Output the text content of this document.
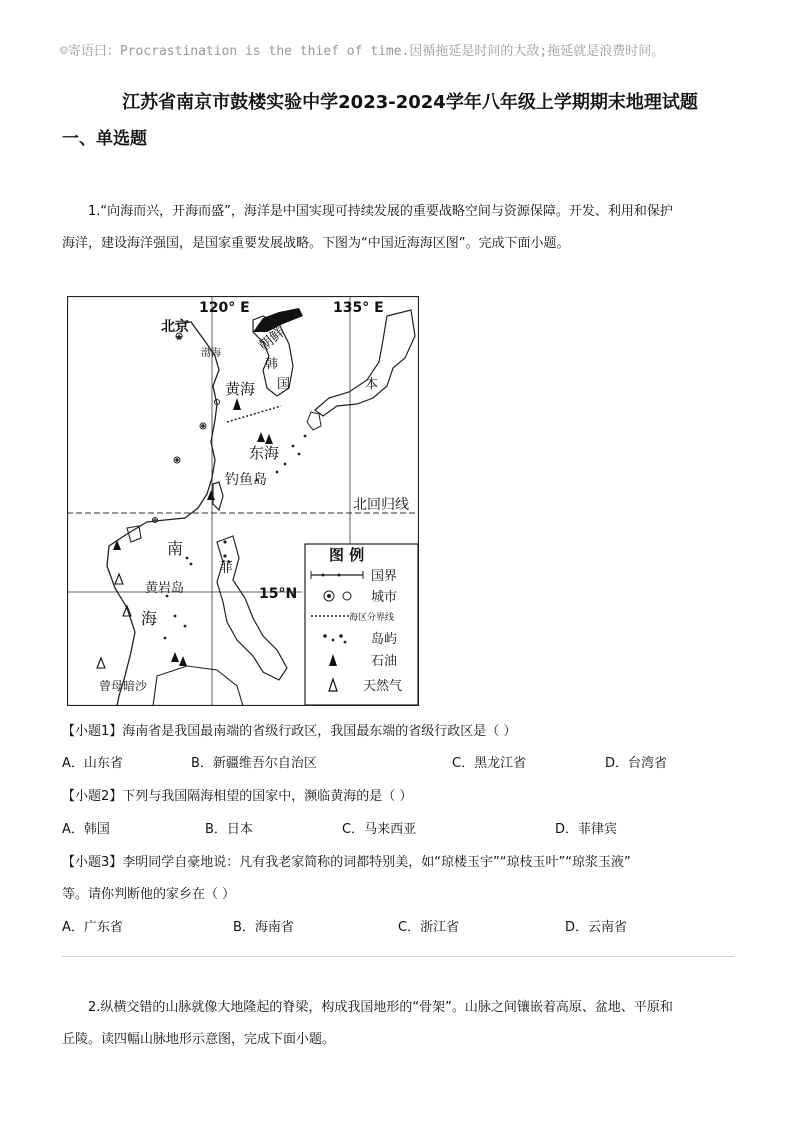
☺寄语曰：Procrastination is the thief of time.因循拖延是时间的大敌;拖延就是浪费时间。
江苏省南京市鼓楼实验中学2023-2024学年八年级上学期期末地理试题
一、单选题
1.“向海而兴，开海而盛”，海洋是中国实现可持续发展的重要战略空间与资源保障。开发、利用和保护
海洋，建设海洋强国，是国家重要发展战略。下图为“中国近海海区图”。完成下面小题。
★
120° E	135° E
15°N
北京
渤海
黄海
东海
钓鱼岛
南
海
黄岩岛
曾母暗沙
朝鲜
韩
国	本
菲
北回归线
图 例
国界
城市
海区分界线
岛屿
石油
天然气
【小题1】海南省是我国最南端的省级行政区，我国最东端的省级行政区是（ ）
A．山东省	B．新疆维吾尔自治区	C．黑龙江省	D．台湾省
【小题2】下列与我国隔海相望的国家中，濒临黄海的是（ ）
A．韩国	B．日本	C．马来西亚	D．菲律宾
【小题3】李明同学自豪地说：凡有我老家简称的词都特别美，如“琼楼玉宇”“琼枝玉叶”“琼浆玉液”
等。请你判断他的家乡在（ ）
A．广东省	B．海南省	C．浙江省	D．云南省
2.纵横交错的山脉就像大地隆起的脊梁，构成我国地形的“骨架”。山脉之间镶嵌着高原、盆地、平原和
丘陵。读四幅山脉地形示意图，完成下面小题。
